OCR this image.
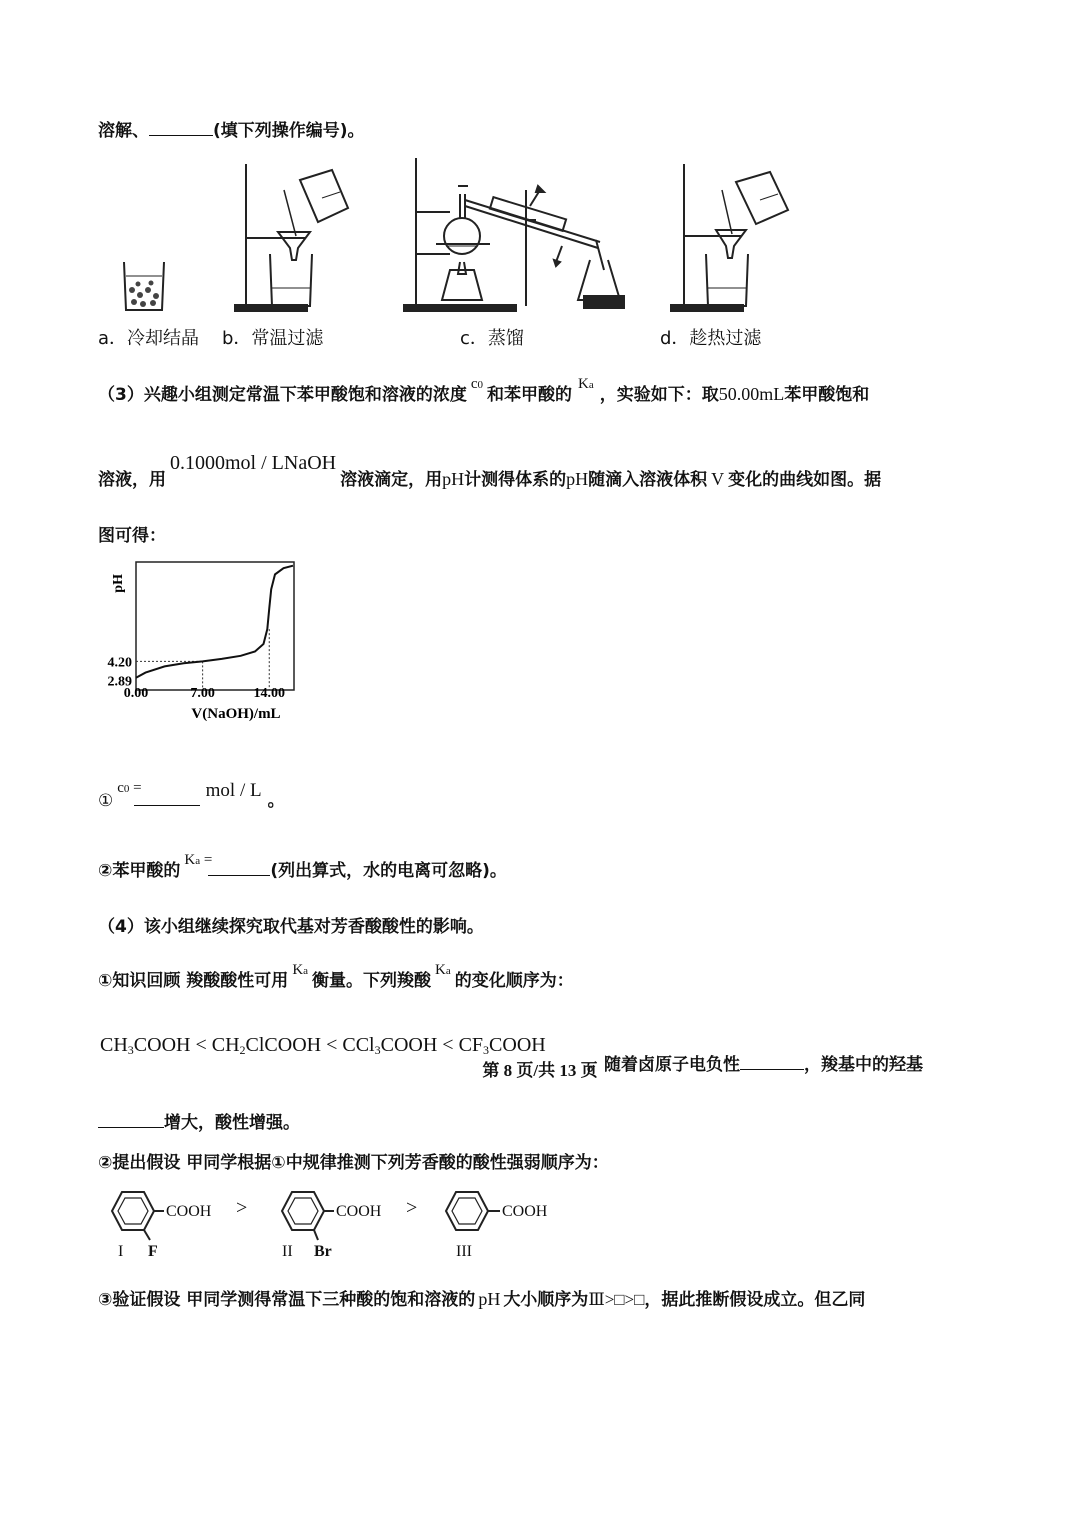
溶解、	(填下列操作编号)。
a．冷却结晶 b．常温过滤	c．蒸馏	d．趁热过滤
（3）兴趣小组测定常温下苯甲酸饱和溶液的浓度c0 和苯甲酸的Ka ，实验如下：取50.00mL苯甲酸饱和
溶液，用0.1000mol / LNaOH溶液滴定，用pH计测得体系的pH随滴入溶液体积 V 变化的曲线如图。据
图可得：
pH
4.20
2.89
0.00	7.00	14.00
V(NaOH)/mL
①c0 =	mol / L 。
②苯甲酸的Ka =(列出算式，水的电离可忽略)。
（4）该小组继续探究取代基对芳香酸酸性的影响。
①知识回顾 羧酸酸性可用Ka 衡量。下列羧酸Ka 的变化顺序为：
CH3COOH < CH2ClCOOH < CCl3COOH < CF3COOH
。随着卤原子电负性	，羧基中的羟基
增大，酸性增强。
②提出假设 甲同学根据①中规律推测下列芳香酸的酸性强弱顺序为：
COOH	COOH	COOH
>	>
I F	II Br	III
③验证假设 甲同学测得常温下三种酸的饱和溶液的 pH 大小顺序为Ⅲ>□>□，据此推断假设成立。但乙同
第 8 页/共 13 页
